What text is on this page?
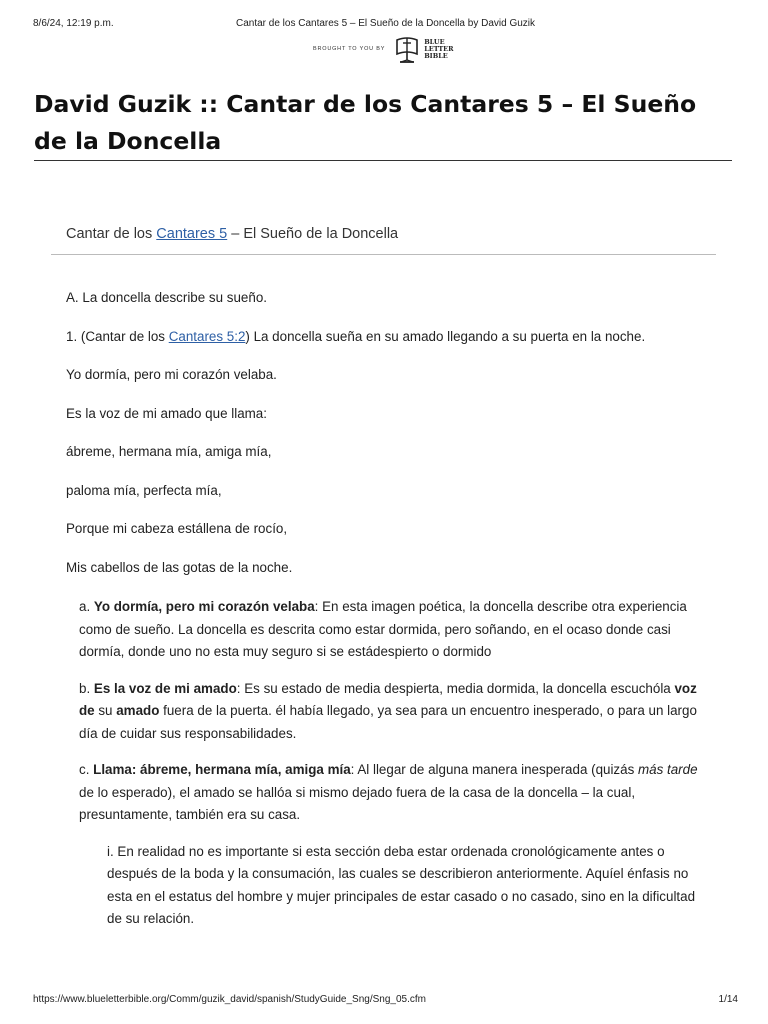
8/6/24, 12:19 p.m.	Cantar de los Cantares 5 – El Sueño de la Doncella by David Guzik
BROUGHT TO YOU BY
BLUE
LETTER
BIBLE
David Guzik :: Cantar de los Cantares 5 – El Sueño de la Doncella
Cantar de los Cantares 5 – El Sueño de la Doncella

A. La doncella describe su sueño.

1. (Cantar de los Cantares 5:2) La doncella sueña en su amado llegando a su puerta en la noche.

Yo dormía, pero mi corazón velaba.

Es la voz de mi amado que llama:

ábreme, hermana mía, amiga mía,

paloma mía, perfecta mía,

Porque mi cabeza estállena de rocío,

Mis cabellos de las gotas de la noche.

a. Yo dormía, pero mi corazón velaba: En esta imagen poética, la doncella describe otra experiencia como de sueño. La doncella es descrita como estar dormida, pero soñando, en el ocaso donde casi dormía, donde uno no esta muy seguro si se estádespierto o dormido

b. Es la voz de mi amado: Es su estado de media despierta, media dormida, la doncella escuchóla voz de su amado fuera de la puerta. él había llegado, ya sea para un encuentro inesperado, o para un largo día de cuidar sus responsabilidades.

c. Llama: ábreme, hermana mía, amiga mía: Al llegar de alguna manera inesperada (quizás más tarde de lo esperado), el amado se hallóa si mismo dejado fuera de la casa de la doncella – la cual, presuntamente, también era su casa.

i. En realidad no es importante si esta sección deba estar ordenada cronológicamente antes o después de la boda y la consumación, las cuales se describieron anteriormente. Aquíel énfasis no esta en el estatus del hombre y mujer principales de estar casado o no casado, sino en la dificultad de su relación.

https://www.blueletterbible.org/Comm/guzik_david/spanish/StudyGuide_Sng/Sng_05.cfm	1/14
